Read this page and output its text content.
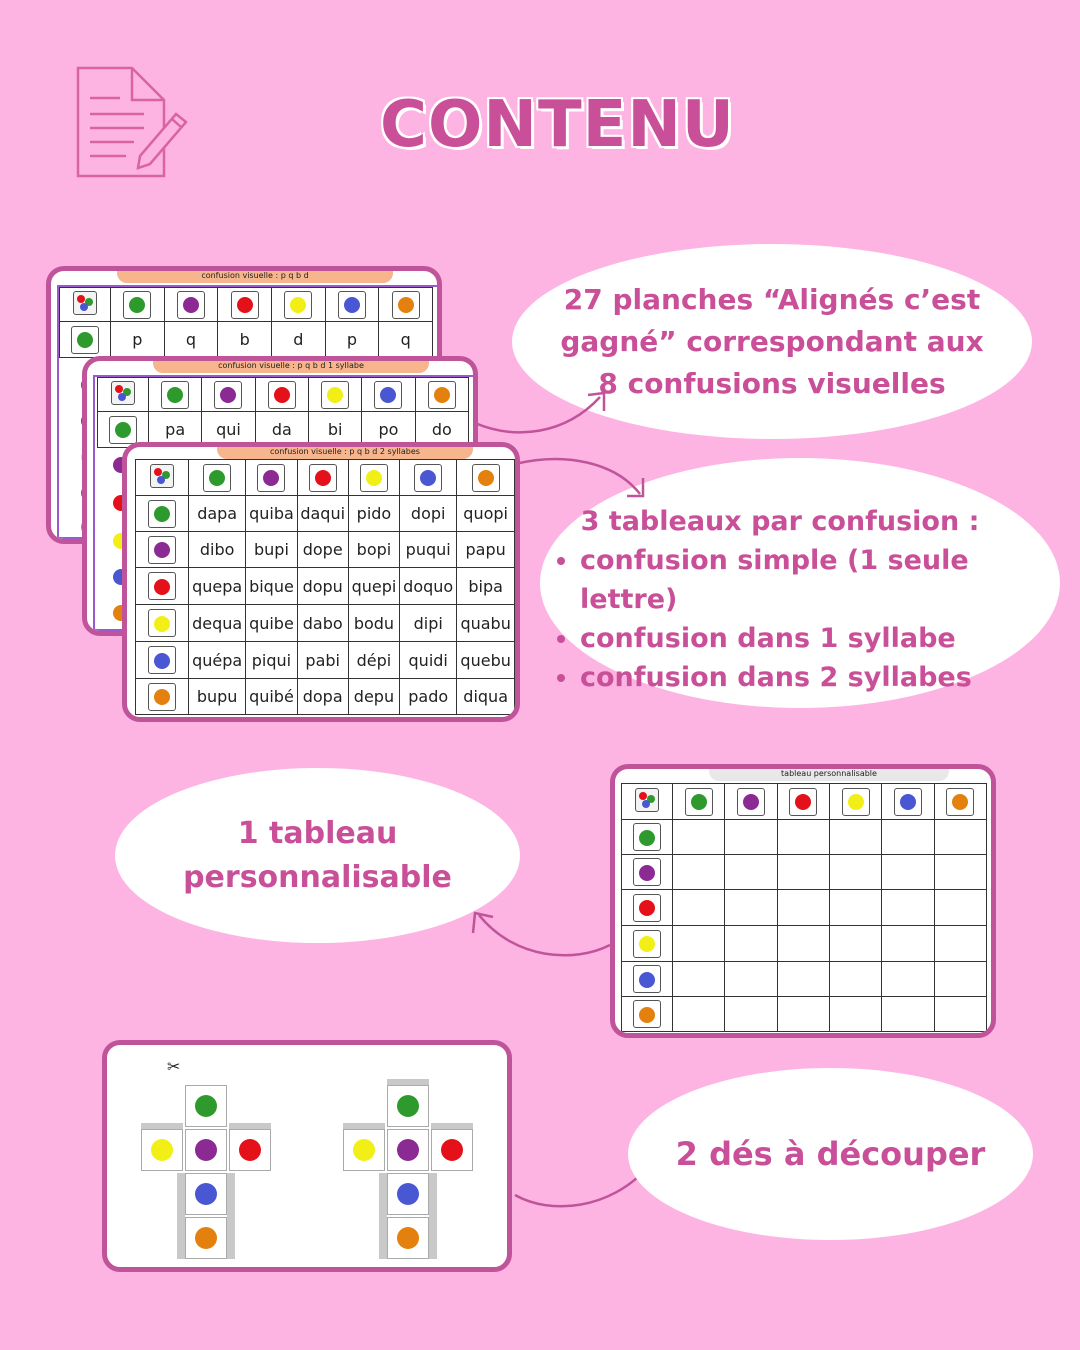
CONTENU
confusion visuelle : p q b d

	p	q	b	d	p	q
confusion visuelle : p q b d 1 syllabe

	pa	qui	da	bi	po	do
confusion visuelle : p q b d 2 syllabes

	dapa	quiba	daqui	pido	dopi	quopi
	dibo	bupi	dope	bopi	puqui	papu
	quepa	bique	dopu	quepi	doquo	bipa
	dequa	quibe	dabo	bodu	dipi	quabu
	quépa	piqui	pabi	dépi	quidi	quebu
	bupu	quibé	dopa	depu	pado	diqua
27 planches “Alignés c’est gagné” correspondant aux 8 confusions visuelles
3 tableaux par confusion :
• confusion simple (1 seule lettre)
• confusion dans 1 syllabe
• confusion dans 2 syllabes
1 tableau personnalisable
tableau personnalisable

✂
2 dés à découper
